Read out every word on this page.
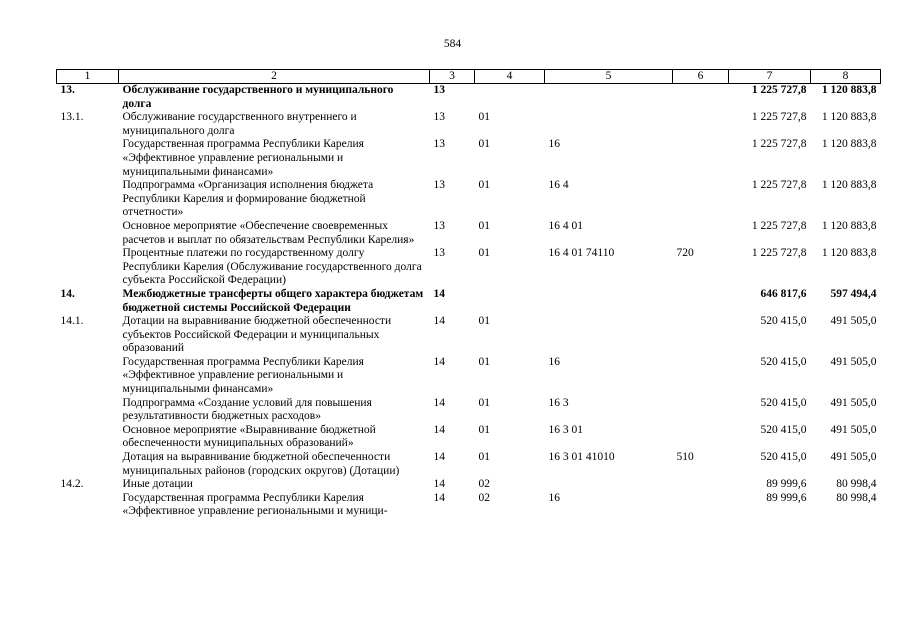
584
1	2	3	4	5	6	7	8
13.	Обслуживание государственного и муниципального долга	13				1 225 727,8	1 120 883,8
13.1.	Обслуживание государственного внутреннего и муниципального долга	13	01			1 225 727,8	1 120 883,8
	Государственная программа Республики Карелия «Эффективное управление региональными и муниципальными финансами»	13	01	16		1 225 727,8	1 120 883,8
	Подпрограмма «Организация исполнения бюджета Республики Карелия и формирование бюджетной отчетности»	13	01	16 4		1 225 727,8	1 120 883,8
	Основное мероприятие «Обеспечение своевременных расчетов и выплат по обязательствам Республики Карелия»	13	01	16 4 01		1 225 727,8	1 120 883,8
	Процентные платежи по государственному долгу Республики Карелия (Обслуживание государственного долга субъекта Российской Федерации)	13	01	16 4 01 74110	720	1 225 727,8	1 120 883,8
14.	Межбюджетные трансферты общего характера бюджетам бюджетной системы Российской Федерации	14				646 817,6	597 494,4
14.1.	Дотации на выравнивание бюджетной обеспеченности субъектов Российской Федерации и муниципальных образований	14	01			520 415,0	491 505,0
	Государственная программа Республики Карелия «Эффективное управление региональными и муниципальными финансами»	14	01	16		520 415,0	491 505,0
	Подпрограмма «Создание условий для повышения результативности бюджетных расходов»	14	01	16 3		520 415,0	491 505,0
	Основное мероприятие «Выравнивание бюджетной обеспеченности муниципальных образований»	14	01	16 3 01		520 415,0	491 505,0
	Дотация на выравнивание бюджетной обеспеченности муниципальных районов (городских округов) (Дотации)	14	01	16 3 01 41010	510	520 415,0	491 505,0
14.2.	Иные дотации	14	02			89 999,6	80 998,4
	Государственная программа Республики Карелия «Эффективное управление региональными и муници-	14	02	16		89 999,6	80 998,4
